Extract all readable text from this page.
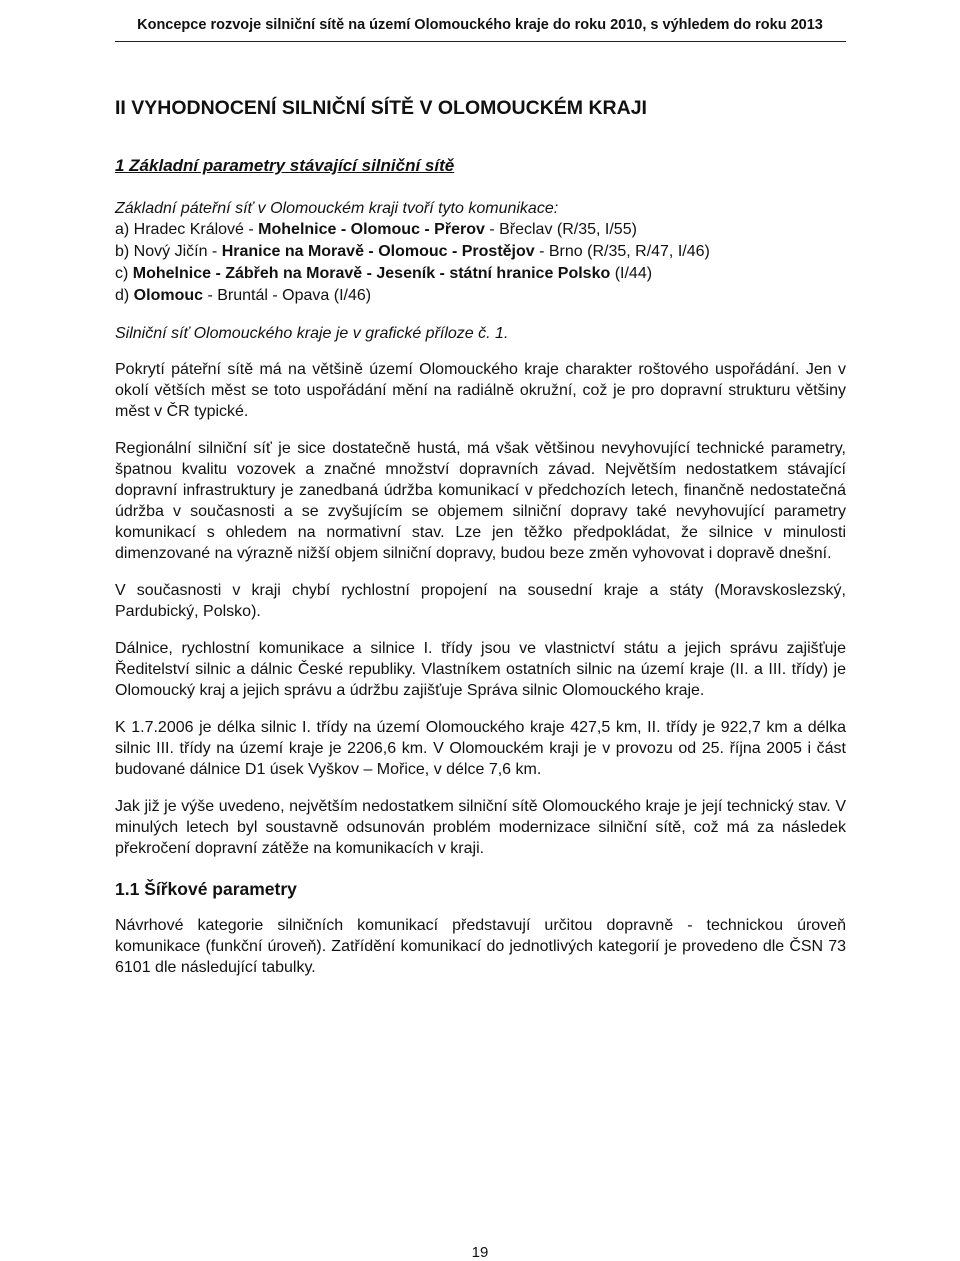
Koncepce rozvoje silniční sítě na území Olomouckého kraje do roku 2010, s výhledem do roku 2013
II VYHODNOCENÍ SILNIČNÍ SÍTĚ V OLOMOUCKÉM KRAJI
1 Základní parametry stávající silniční sítě
Základní páteřní síť v Olomouckém kraji tvoří tyto komunikace:
a) Hradec Králové - Mohelnice - Olomouc - Přerov - Břeclav (R/35, I/55)
b) Nový Jičín - Hranice na Moravě - Olomouc - Prostějov - Brno (R/35, R/47, I/46)
c) Mohelnice - Zábřeh na Moravě - Jeseník - státní hranice Polsko (I/44)
d) Olomouc - Bruntál - Opava (I/46)
Silniční síť Olomouckého kraje je v grafické příloze č. 1.

Pokrytí páteřní sítě má na většině území Olomouckého kraje charakter roštového uspořádání. Jen v okolí větších měst se toto uspořádání mění na radiálně okružní, což je pro dopravní strukturu většiny měst v ČR typické.

Regionální silniční síť je sice dostatečně hustá, má však většinou nevyhovující technické parametry, špatnou kvalitu vozovek a značné množství dopravních závad. Největším nedostatkem stávající dopravní infrastruktury je zanedbaná údržba komunikací v předchozích letech, finančně nedostatečná údržba v současnosti a se zvyšujícím se objemem silniční dopravy také nevyhovující parametry komunikací s ohledem na normativní stav. Lze jen těžko předpokládat, že silnice v minulosti dimenzované na výrazně nižší objem silniční dopravy, budou beze změn vyhovovat i dopravě dnešní.

V současnosti v kraji chybí rychlostní propojení na sousední kraje a státy (Moravskoslezský, Pardubický, Polsko).

Dálnice, rychlostní komunikace a silnice I. třídy jsou ve vlastnictví státu a jejich správu zajišťuje Ředitelství silnic a dálnic České republiky. Vlastníkem ostatních silnic na území kraje (II. a III. třídy) je Olomoucký kraj a jejich správu a údržbu zajišťuje Správa silnic Olomouckého kraje.

K 1.7.2006 je délka silnic I. třídy na území Olomouckého kraje 427,5 km, II. třídy je 922,7 km a délka silnic III. třídy na území kraje je 2206,6 km. V Olomouckém kraji je v provozu od 25. října 2005 i část budované dálnice D1 úsek Vyškov – Mořice, v délce 7,6 km.

Jak již je výše uvedeno, největším nedostatkem silniční sítě Olomouckého kraje je její technický stav. V minulých letech byl soustavně odsunován problém modernizace silniční sítě, což má za následek překročení dopravní zátěže na komunikacích v kraji.

1.1 Šířkové parametry

Návrhové kategorie silničních komunikací představují určitou dopravně - technickou úroveň komunikace (funkční úroveň). Zatřídění komunikací do jednotlivých kategorií je provedeno dle ČSN 73 6101 dle následující tabulky.

19
